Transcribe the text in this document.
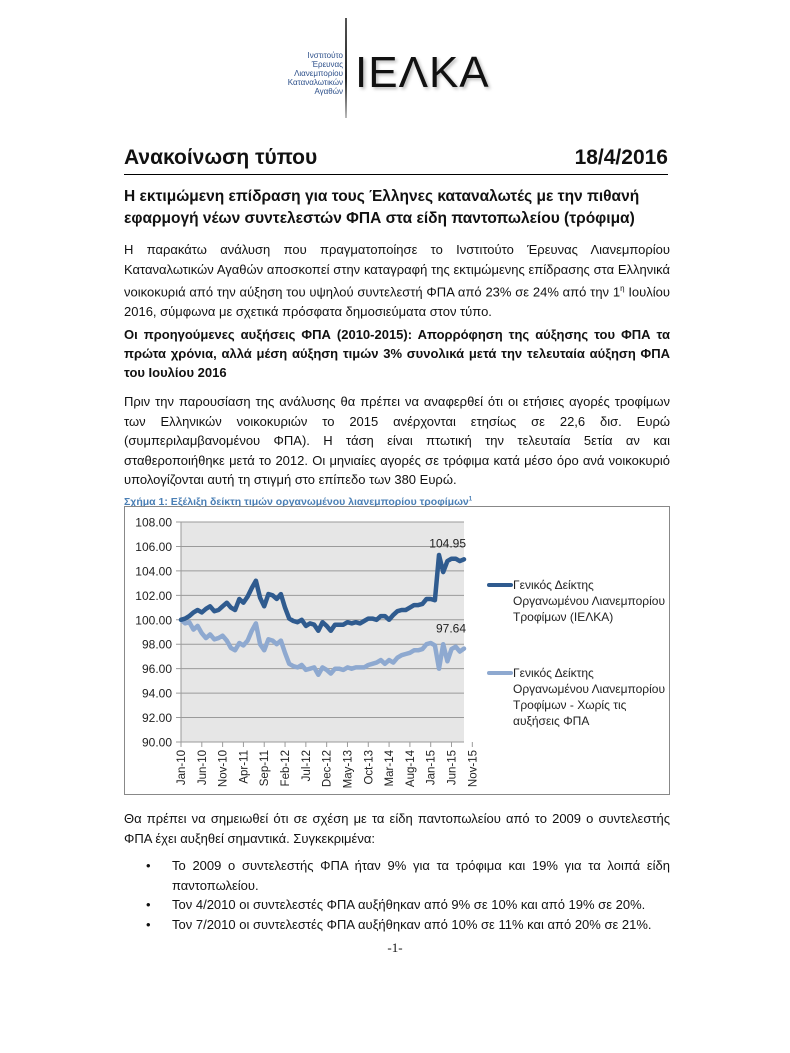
Ινστιτούτο
Έρευνας
Λιανεμπορίου
Καταναλωτικών
Αγαθών ΙΕΛΚΑ
Ανακοίνωση τύπου	18/4/2016
Η εκτιμώμενη επίδραση για τους Έλληνες καταναλωτές με την πιθανή εφαρμογή νέων συντελεστών ΦΠΑ στα είδη παντοπωλείου (τρόφιμα)
Η παρακάτω ανάλυση που πραγματοποίησε το Ινστιτούτο Έρευνας Λιανεμπορίου Καταναλωτικών Αγαθών αποσκοπεί στην καταγραφή της εκτιμώμενης επίδρασης στα Ελληνικά νοικοκυριά από την αύξηση του υψηλού συντελεστή ΦΠΑ από 23% σε 24% από την $1^\eta$ Ιουλίου 2016, σύμφωνα με σχετικά πρόσφατα δημοσιεύματα στον τύπο.
Οι προηγούμενες αυξήσεις ΦΠΑ (2010-2015): Απορρόφηση της αύξησης του ΦΠΑ τα πρώτα χρόνια, αλλά μέση αύξηση τιμών 3% συνολικά μετά την τελευταία αύξηση ΦΠΑ του Ιουλίου 2016
Πριν την παρουσίαση της ανάλυσης θα πρέπει να αναφερθεί ότι οι ετήσιες αγορές τροφίμων των Ελληνικών νοικοκυριών το 2015 ανέρχονται ετησίως σε 22,6 δισ. Ευρώ (συμπεριλαμβανομένου ΦΠΑ). Η τάση είναι πτωτική την τελευταία 5ετία αν και σταθεροποιήθηκε μετά το 2012. Οι μηνιαίες αγορές σε τρόφιμα κατά μέσο όρο ανά νοικοκυριό υπολογίζονται αυτή τη στιγμή στο επίπεδο των 380 Ευρώ.
Σχήμα 1: Εξέλιξη δείκτη τιμών οργανωμένου λιανεμπορίου τροφίμων$^1$
108.00
106.00
104.00
102.00
100.00
98.00
96.00
94.00
92.00
90.00
Jan-10 Jun-10 Nov-10 Apr-11 Sep-11 Feb-12 Jul-12 Dec-12 May-13 Oct-13 Mar-14 Aug-14 Jan-15 Jun-15 Nov-15
97.64
104.95
Γενικός Δείκτης Οργανωμένου Λιανεμπορίου Τροφίμων (ΙΕΛΚΑ)
Γενικός Δείκτης Οργανωμένου Λιανεμπορίου Τροφίμων - Χωρίς τις αυξήσεις ΦΠΑ
Θα πρέπει να σημειωθεί ότι σε σχέση με τα είδη παντοπωλείου από το 2009 ο συντελεστής ΦΠΑ έχει αυξηθεί σημαντικά. Συγκεκριμένα:
• Το 2009 ο συντελεστής ΦΠΑ ήταν 9% για τα τρόφιμα και 19% για τα λοιπά είδη παντοπωλείου.
• Τον 4/2010 οι συντελεστές ΦΠΑ αυξήθηκαν από 9% σε 10% και από 19% σε 20%.
• Τον 7/2010 οι συντελεστές ΦΠΑ αυξήθηκαν από 10% σε 11% και από 20% σε 21%.
-1-
